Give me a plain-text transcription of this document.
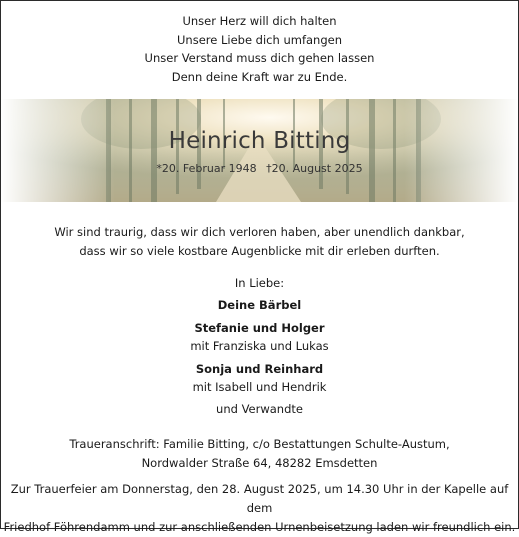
Unser Herz will dich halten
Unsere Liebe dich umfangen
Unser Verstand muss dich gehen lassen
Denn deine Kraft war zu Ende.
Heinrich Bitting
*20. Februar 1948 †20. August 2025
Wir sind traurig, dass wir dich verloren haben, aber unendlich dankbar,
dass wir so viele kostbare Augenblicke mit dir erleben durften.
In Liebe:
Deine Bärbel
Stefanie und Holger
mit Franziska und Lukas
Sonja und Reinhard
mit Isabell und Hendrik
und Verwandte
Traueranschrift: Familie Bitting, c/o Bestattungen Schulte-Austum,
Nordwalder Straße 64, 48282 Emsdetten
Zur Trauerfeier am Donnerstag, den 28. August 2025, um 14.30 Uhr in der Kapelle auf dem
Friedhof Föhrendamm und zur anschließenden Urnenbeisetzung laden wir freundlich ein.
